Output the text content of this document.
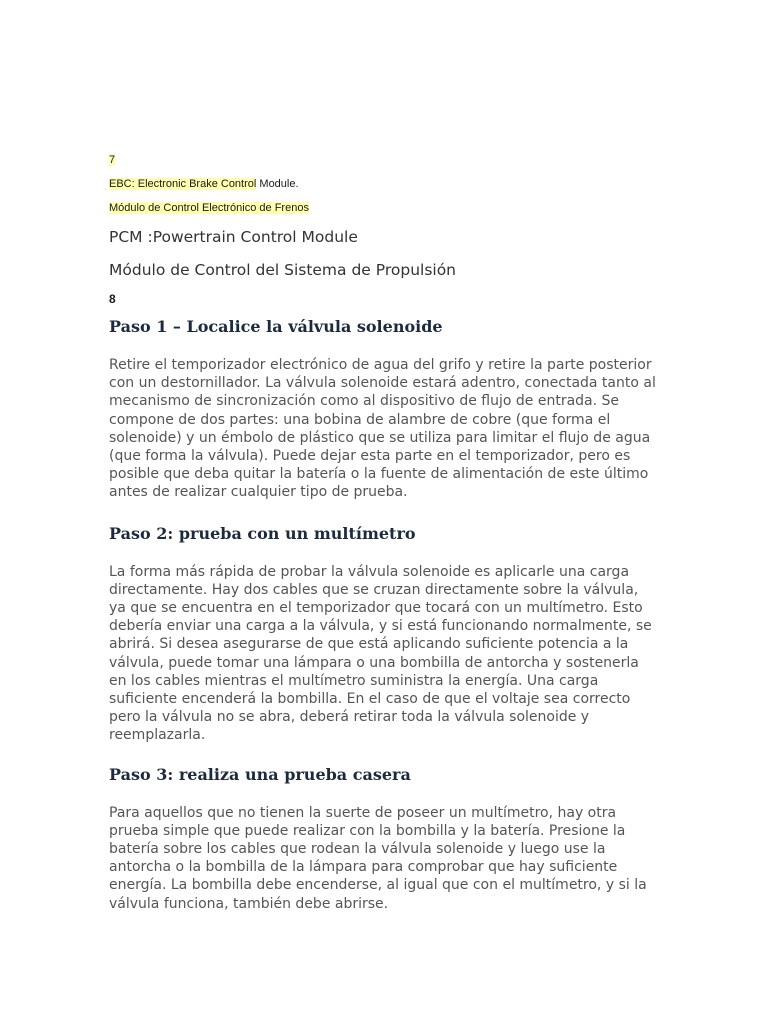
7

EBC: Electronic Brake Control Module.

Módulo de Control Electrónico de Frenos

PCM :Powertrain Control Module

Módulo de Control del Sistema de Propulsión

8

Paso 1 – Localice la válvula solenoide

Retire el temporizador electrónico de agua del grifo y retire la parte posterior con un destornillador. La válvula solenoide estará adentro, conectada tanto al mecanismo de sincronización como al dispositivo de flujo de entrada. Se compone de dos partes: una bobina de alambre de cobre (que forma el solenoide) y un émbolo de plástico que se utiliza para limitar el flujo de agua (que forma la válvula). Puede dejar esta parte en el temporizador, pero es posible que deba quitar la batería o la fuente de alimentación de este último antes de realizar cualquier tipo de prueba.

Paso 2: prueba con un multímetro

La forma más rápida de probar la válvula solenoide es aplicarle una carga directamente. Hay dos cables que se cruzan directamente sobre la válvula, ya que se encuentra en el temporizador que tocará con un multímetro. Esto debería enviar una carga a la válvula, y si está funcionando normalmente, se abrirá. Si desea asegurarse de que está aplicando suficiente potencia a la válvula, puede tomar una lámpara o una bombilla de antorcha y sostenerla en los cables mientras el multímetro suministra la energía. Una carga suficiente encenderá la bombilla. En el caso de que el voltaje sea correcto pero la válvula no se abra, deberá retirar toda la válvula solenoide y reemplazarla.

Paso 3: realiza una prueba casera

Para aquellos que no tienen la suerte de poseer un multímetro, hay otra prueba simple que puede realizar con la bombilla y la batería. Presione la batería sobre los cables que rodean la válvula solenoide y luego use la antorcha o la bombilla de la lámpara para comprobar que hay suficiente energía. La bombilla debe encenderse, al igual que con el multímetro, y si la válvula funciona, también debe abrirse.
